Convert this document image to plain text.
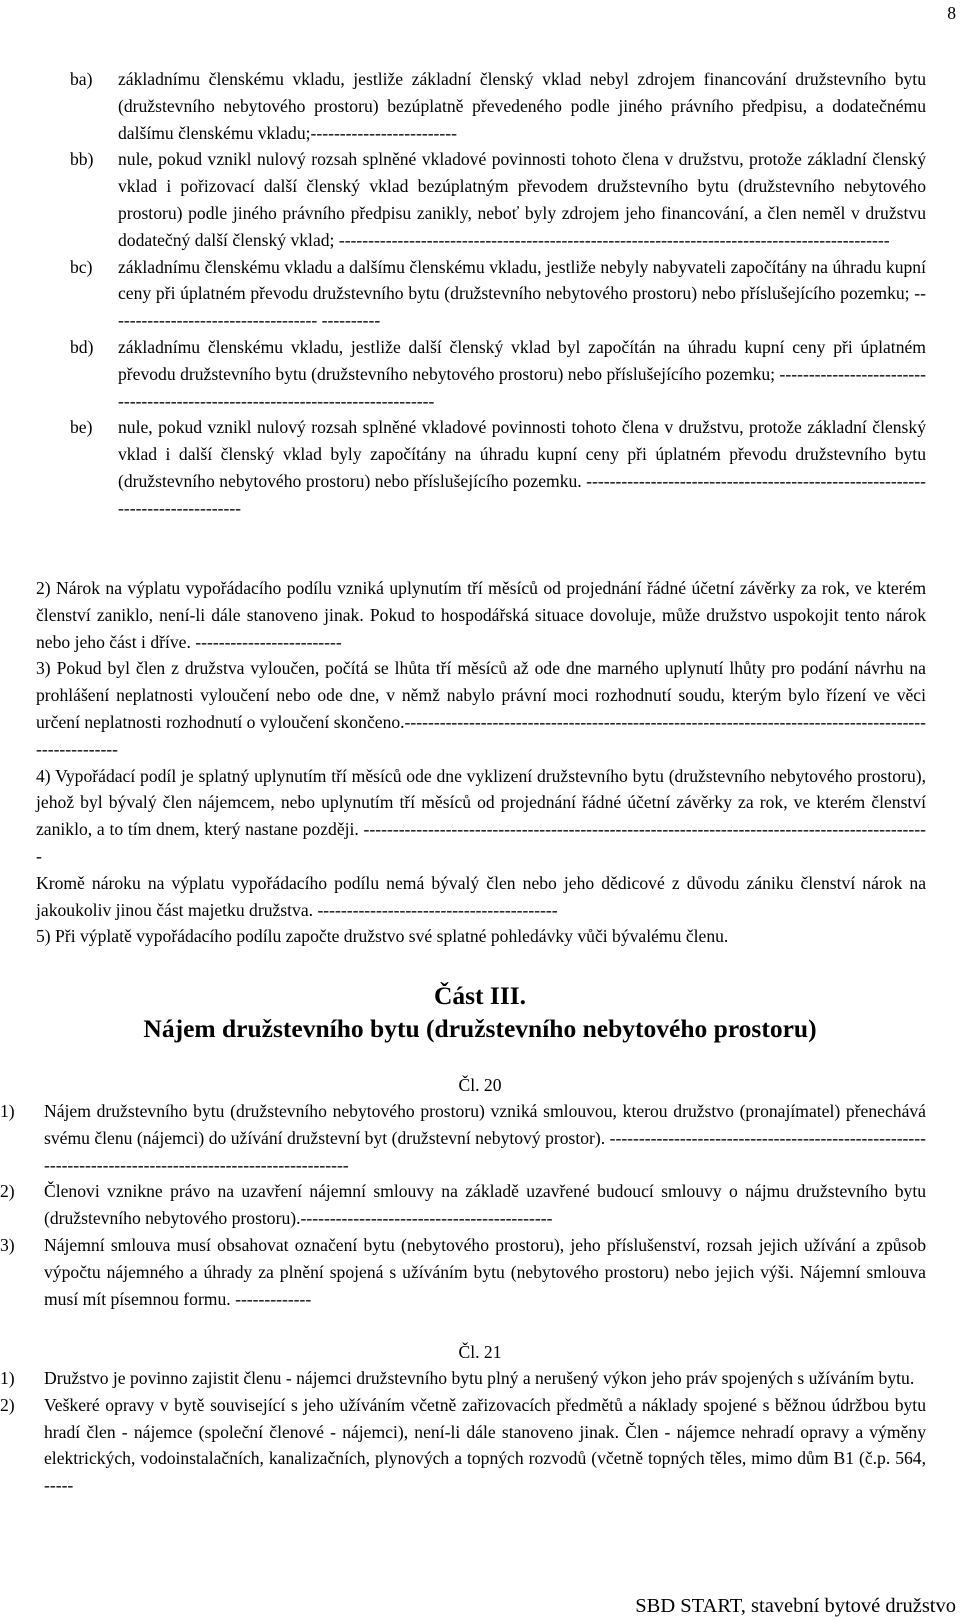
8
ba) základnímu členskému vkladu, jestliže základní členský vklad nebyl zdrojem financování družstevního bytu (družstevního nebytového prostoru) bezúplatně převedeného podle jiného právního předpisu, a dodatečnému dalšímu členskému vkladu;-------------------------
bb) nule, pokud vznikl nulový rozsah splněné vkladové povinnosti tohoto člena v družstvu, protože základní členský vklad i pořizovací další členský vklad bezúplatným převodem družstevního bytu (družstevního nebytového prostoru) podle jiného právního předpisu zanikly, neboť byly zdrojem jeho financování, a člen neměl v družstvu dodatečný další členský vklad; ----------------------------------------------------------------------------------------------
bc) základnímu členskému vkladu a dalšímu členskému vkladu, jestliže nebyly nabyvateli započítány na úhradu kupní ceny při úplatném převodu družstevního bytu (družstevního nebytového prostoru) nebo příslušejícího pozemku; ------------------------------------ ----------
bd) základnímu členskému vkladu, jestliže další členský vklad byl započítán na úhradu kupní ceny při úplatném převodu družstevního bytu (družstevního nebytového prostoru) nebo příslušejícího pozemku; -------------------------------------------------------------------------------
be) nule, pokud vznikl nulový rozsah splněné vkladové povinnosti tohoto člena v družstvu, protože základní členský vklad i další členský vklad byly započítány na úhradu kupní ceny při úplatném převodu družstevního bytu (družstevního nebytového prostoru) nebo příslušejícího pozemku. -------------------------------------------------------------------------------
2) Nárok na výplatu vypořádacího podílu vzniká uplynutím tří měsíců od projednání řádné účetní závěrky za rok, ve kterém členství zaniklo, není-li dále stanoveno jinak. Pokud to hospodářská situace dovoluje, může družstvo uspokojit tento nárok nebo jeho část i dříve. -------------------------
3) Pokud byl člen z družstva vyloučen, počítá se lhůta tří měsíců až ode dne marného uplynutí lhůty pro podání návrhu na prohlášení neplatnosti vyloučení nebo ode dne, v němž nabylo právní moci rozhodnutí soudu, kterým bylo řízení ve věci určení neplatnosti rozhodnutí o vyloučení skončeno.-------------------------------------------------------------------------------------------------------
4) Vypořádací podíl je splatný uplynutím tří měsíců ode dne vyklizení družstevního bytu (družstevního nebytového prostoru), jehož byl bývalý člen nájemcem, nebo uplynutím tří měsíců od projednání řádné účetní závěrky za rok, ve kterém členství zaniklo, a to tím dnem, který nastane později. -------------------------------------------------------------------------------------------------
Kromě nároku na výplatu vypořádacího podílu nemá bývalý člen nebo jeho dědicové z důvodu zániku členství nárok na jakoukoliv jinou část majetku družstva. -----------------------------------------
5) Při výplatě vypořádacího podílu započte družstvo své splatné pohledávky vůči bývalému členu.
Část III.
Nájem družstevního bytu (družstevního nebytového prostoru)
Čl. 20
1) Nájem družstevního bytu (družstevního nebytového prostoru) vzniká smlouvou, kterou družstvo (pronajímatel) přenechává svému členu (nájemci) do užívání družstevní byt (družstevní nebytový prostor). ----------------------------------------------------------------------------------------------------------
2) Členovi vznikne právo na uzavření nájemní smlouvy na základě uzavřené budoucí smlouvy o nájmu družstevního bytu (družstevního nebytového prostoru).-------------------------------------------
3) Nájemní smlouva musí obsahovat označení bytu (nebytového prostoru), jeho příslušenství, rozsah jejich užívání a způsob výpočtu nájemného a úhrady za plnění spojená s užíváním bytu (nebytového prostoru) nebo jejich výši. Nájemní smlouva musí mít písemnou formu. -------------
Čl. 21
1) Družstvo je povinno zajistit členu - nájemci družstevního bytu plný a nerušený výkon jeho práv spojených s užíváním bytu.
2) Veškeré opravy v bytě související s jeho užíváním včetně zařizovacích předmětů a náklady spojené s běžnou údržbou bytu hradí člen - nájemce (společní členové - nájemci), není-li dále stanoveno jinak. Člen - nájemce nehradí opravy a výměny elektrických, vodoinstalačních, kanalizačních, plynových a topných rozvodů (včetně topných těles, mimo dům B1 (č.p. 564, -----
SBD START, stavební bytové družstvo
